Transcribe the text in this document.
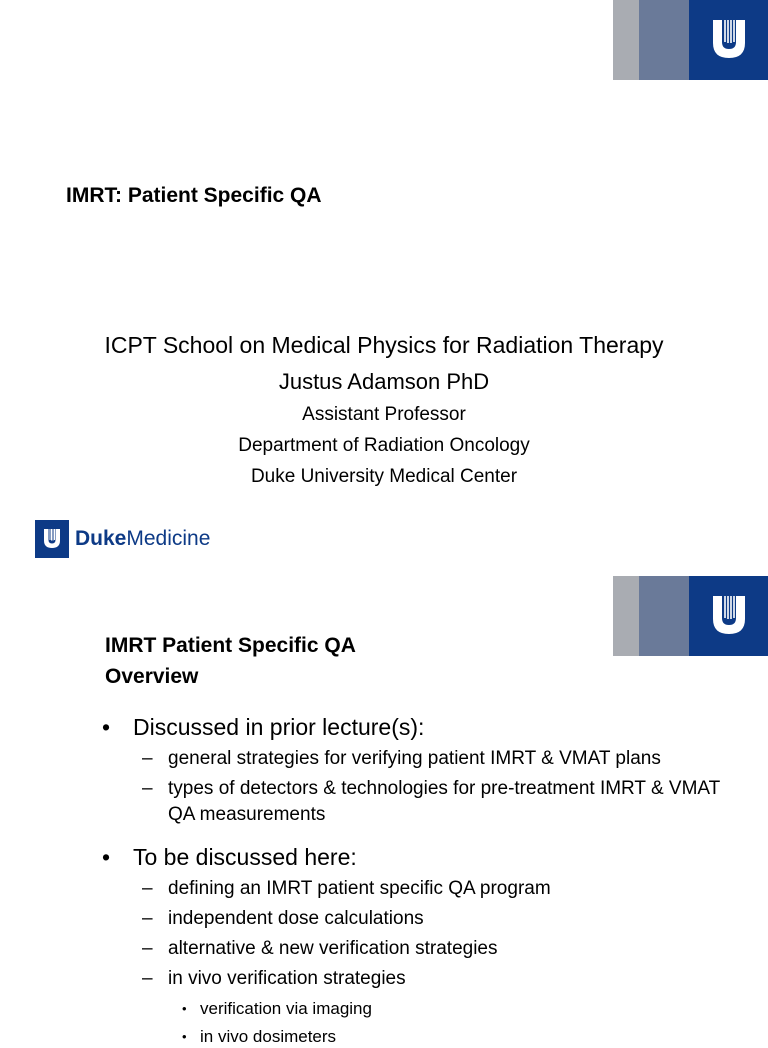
IMRT: Patient Specific QA
ICPT School on Medical Physics for Radiation Therapy
Justus Adamson PhD
Assistant Professor
Department of Radiation Oncology
Duke University Medical Center
DukeMedicine
IMRT Patient Specific QA
Overview
• Discussed in prior lecture(s):
– general strategies for verifying patient IMRT & VMAT plans
– types of detectors & technologies for pre-treatment IMRT & VMAT QA measurements
• To be discussed here:
– defining an IMRT patient specific QA program
– independent dose calculations
– alternative & new verification strategies
– in vivo verification strategies
• verification via imaging
• in vivo dosimeters
